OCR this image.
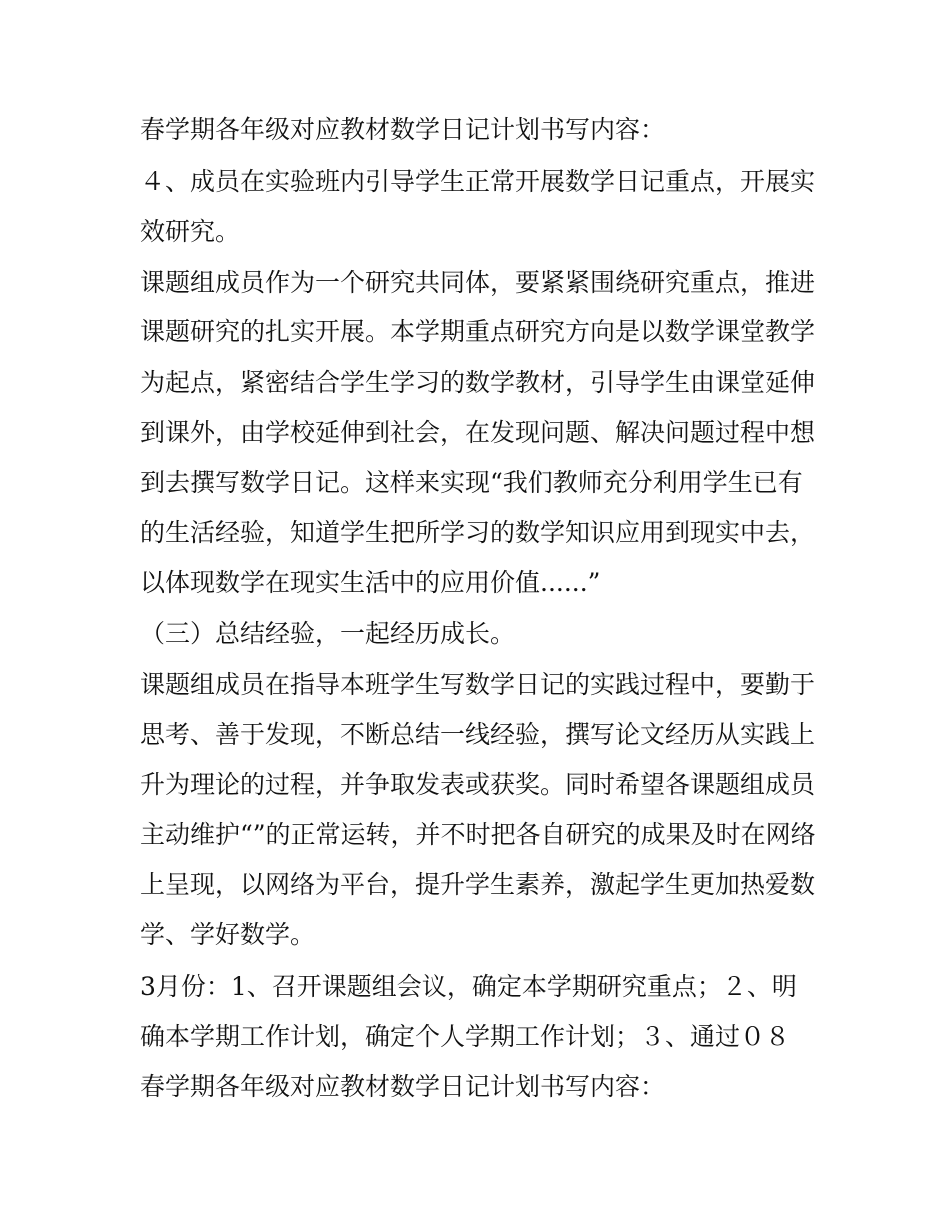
春学期各年级对应教材数学日记计划书写内容：
４、成员在实验班内引导学生正常开展数学日记重点，开展实
效研究。
课题组成员作为一个研究共同体，要紧紧围绕研究重点，推进
课题研究的扎实开展。本学期重点研究方向是以数学课堂教学
为起点，紧密结合学生学习的数学教材，引导学生由课堂延伸
到课外，由学校延伸到社会，在发现问题、解决问题过程中想
到去撰写数学日记。这样来实现“我们教师充分利用学生已有
的生活经验，知道学生把所学习的数学知识应用到现实中去，
以体现数学在现实生活中的应用价值......”
（三）总结经验，一起经历成长。
课题组成员在指导本班学生写数学日记的实践过程中，要勤于
思考、善于发现，不断总结一线经验，撰写论文经历从实践上
升为理论的过程，并争取发表或获奖。同时希望各课题组成员
主动维护“”的正常运转，并不时把各自研究的成果及时在网络
上呈现，以网络为平台，提升学生素养，激起学生更加热爱数
学、学好数学。
3月份：1、召开课题组会议，确定本学期研究重点；２、明
确本学期工作计划，确定个人学期工作计划；３、通过０８
春学期各年级对应教材数学日记计划书写内容：
